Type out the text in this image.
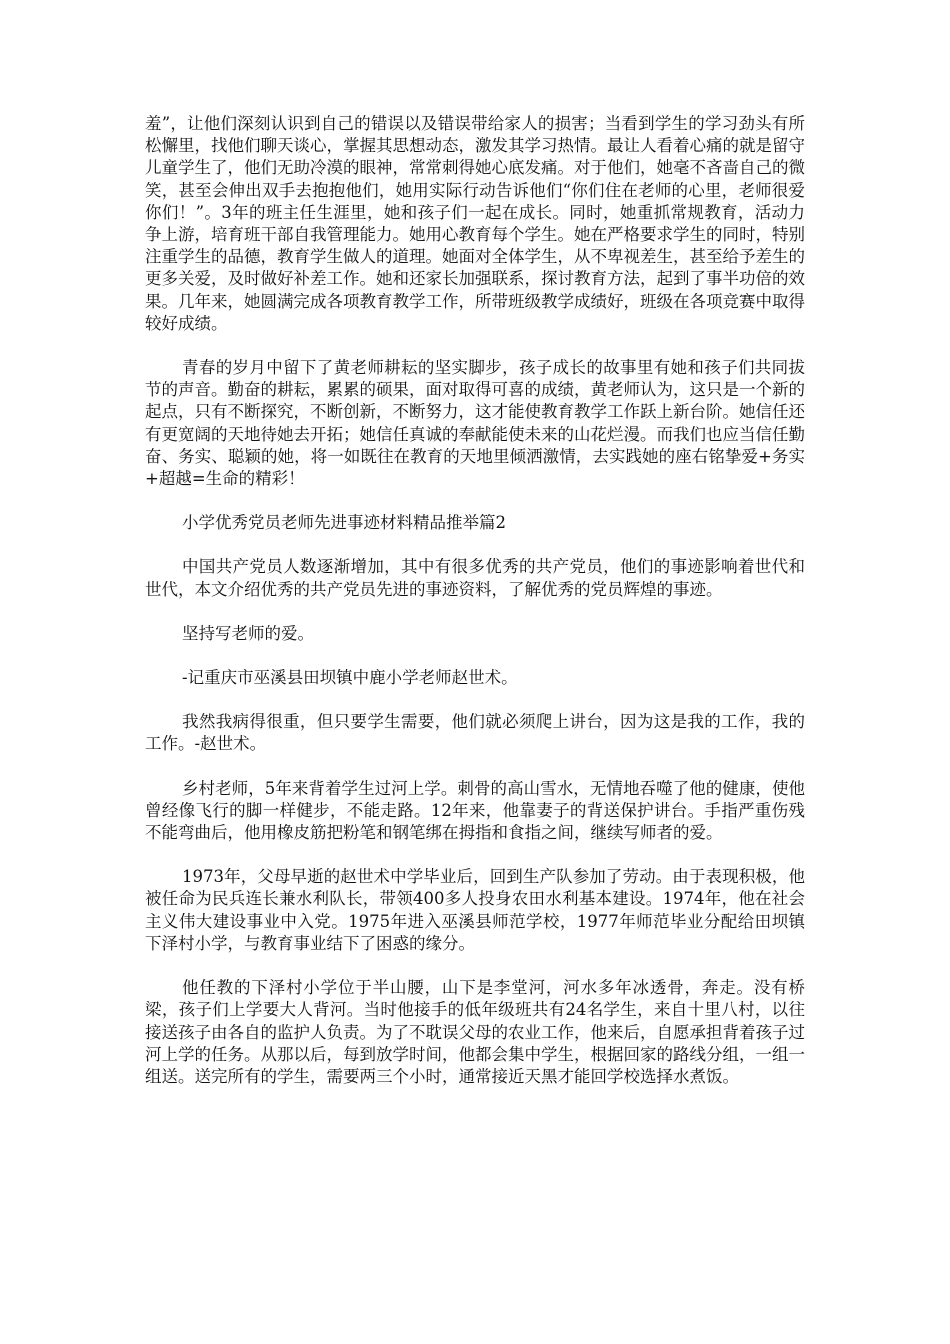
羞”，让他们深刻认识到自己的错误以及错误带给家人的损害；当看到学生的学习劲头有所松懈里，找他们聊天谈心，掌握其思想动态，激发其学习热情。最让人看着心痛的就是留守儿童学生了，他们无助冷漠的眼神，常常刺得她心底发痛。对于他们，她毫不吝啬自己的微笑，甚至会伸出双手去抱抱他们，她用实际行动告诉他们“你们住在老师的心里，老师很爱你们！”。3年的班主任生涯里，她和孩子们一起在成长。同时，她重抓常规教育，活动力争上游，培育班干部自我管理能力。她用心教育每个学生。她在严格要求学生的同时，特别注重学生的品德，教育学生做人的道理。她面对全体学生，从不卑视差生，甚至给予差生的更多关爱，及时做好补差工作。她和还家长加强联系，探讨教育方法，起到了事半功倍的效果。几年来，她圆满完成各项教育教学工作，所带班级教学成绩好，班级在各项竞赛中取得较好成绩。

青春的岁月中留下了黄老师耕耘的坚实脚步，孩子成长的故事里有她和孩子们共同拔节的声音。勤奋的耕耘，累累的硕果，面对取得可喜的成绩，黄老师认为，这只是一个新的起点，只有不断探究，不断创新，不断努力，这才能使教育教学工作跃上新台阶。她信任还有更宽阔的天地待她去开拓；她信任真诚的奉献能使未来的山花烂漫。而我们也应当信任勤奋、务实、聪颖的她，将一如既往在教育的天地里倾洒激情，去实践她的座右铭挚爱+务实+超越=生命的精彩！

小学优秀党员老师先进事迹材料精品推举篇2

中国共产党员人数逐渐增加，其中有很多优秀的共产党员，他们的事迹影响着世代和世代，本文介绍优秀的共产党员先进的事迹资料，了解优秀的党员辉煌的事迹。

坚持写老师的爱。

-记重庆市巫溪县田坝镇中鹿小学老师赵世术。

我然我病得很重，但只要学生需要，他们就必须爬上讲台，因为这是我的工作，我的工作。-赵世术。

乡村老师，5年来背着学生过河上学。刺骨的高山雪水，无情地吞噬了他的健康，使他曾经像飞行的脚一样健步，不能走路。12年来，他靠妻子的背送保护讲台。手指严重伤残不能弯曲后，他用橡皮筋把粉笔和钢笔绑在拇指和食指之间，继续写师者的爱。

1973年，父母早逝的赵世术中学毕业后，回到生产队参加了劳动。由于表现积极，他被任命为民兵连长兼水利队长，带领400多人投身农田水利基本建设。1974年，他在社会主义伟大建设事业中入党。1975年进入巫溪县师范学校，1977年师范毕业分配给田坝镇下泽村小学，与教育事业结下了困惑的缘分。

他任教的下泽村小学位于半山腰，山下是李堂河，河水多年冰透骨，奔走。没有桥梁，孩子们上学要大人背河。当时他接手的低年级班共有24名学生，来自十里八村，以往接送孩子由各自的监护人负责。为了不耽误父母的农业工作，他来后，自愿承担背着孩子过河上学的任务。从那以后，每到放学时间，他都会集中学生，根据回家的路线分组，一组一组送。送完所有的学生，需要两三个小时，通常接近天黑才能回学校选择水煮饭。
